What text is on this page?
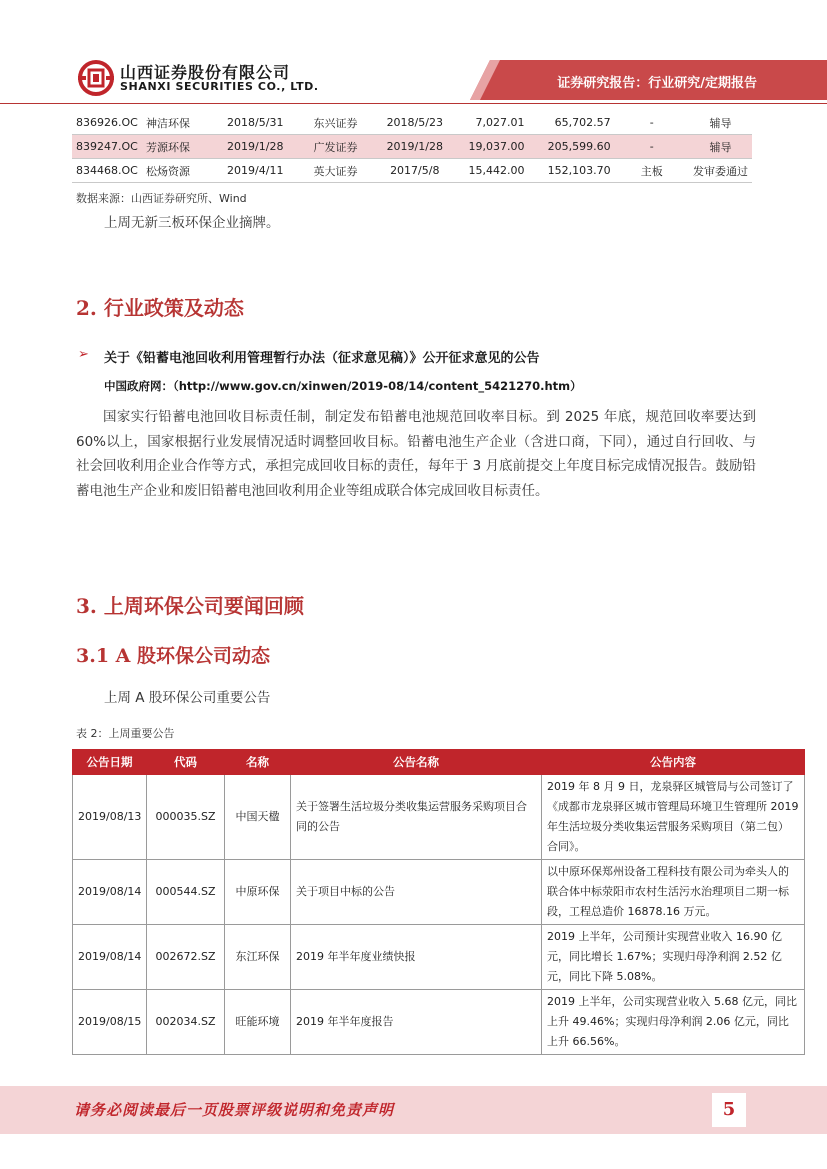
山西证券股份有限公司
SHANXI SECURITIES CO., LTD.	证券研究报告：行业研究/定期报告
836926.OC	神洁环保	2018/5/31	东兴证券	2018/5/23	7,027.01	65,702.57	-	辅导
839247.OC	芳源环保	2019/1/28	广发证券	2019/1/28	19,037.00	205,599.60	-	辅导
834468.OC	松炀资源	2019/4/11	英大证券	2017/5/8	15,442.00	152,103.70	主板	发审委通过
数据来源：山西证券研究所、Wind
上周无新三板环保企业摘牌。
2. 行业政策及动态
➢ 关于《铅蓄电池回收利用管理暂行办法（征求意见稿）》公开征求意见的公告
中国政府网：（http://www.gov.cn/xinwen/2019-08/14/content_5421270.htm）
国家实行铅蓄电池回收目标责任制，制定发布铅蓄电池规范回收率目标。到 2025 年底，规范回收率要达到 60%以上，国家根据行业发展情况适时调整回收目标。铅蓄电池生产企业（含进口商，下同），通过自行回收、与社会回收利用企业合作等方式，承担完成回收目标的责任，每年于 3 月底前提交上年度目标完成情况报告。鼓励铅蓄电池生产企业和废旧铅蓄电池回收利用企业等组成联合体完成回收目标责任。
3. 上周环保公司要闻回顾
3.1 A 股环保公司动态
上周 A 股环保公司重要公告
表 2：上周重要公告
公告日期	代码	名称	公告名称	公告内容
2019/08/13	000035.SZ	中国天楹	关于签署生活垃圾分类收集运营服务采购项目合同的公告	2019 年 8 月 9 日，龙泉驿区城管局与公司签订了《成都市龙泉驿区城市管理局环境卫生管理所 2019 年生活垃圾分类收集运营服务采购项目（第二包）合同》。
2019/08/14	000544.SZ	中原环保	关于项目中标的公告	以中原环保郑州设备工程科技有限公司为牵头人的联合体中标荥阳市农村生活污水治理项目二期一标段，工程总造价 16878.16 万元。
2019/08/14	002672.SZ	东江环保	2019 年半年度业绩快报	2019 上半年，公司预计实现营业收入 16.90 亿元，同比增长 1.67%；实现归母净利润 2.52 亿元，同比下降 5.08%。
2019/08/15	002034.SZ	旺能环境	2019 年半年度报告	2019 上半年，公司实现营业收入 5.68 亿元，同比上升 49.46%；实现归母净利润 2.06 亿元，同比上升 66.56%。
请务必阅读最后一页股票评级说明和免责声明	5
